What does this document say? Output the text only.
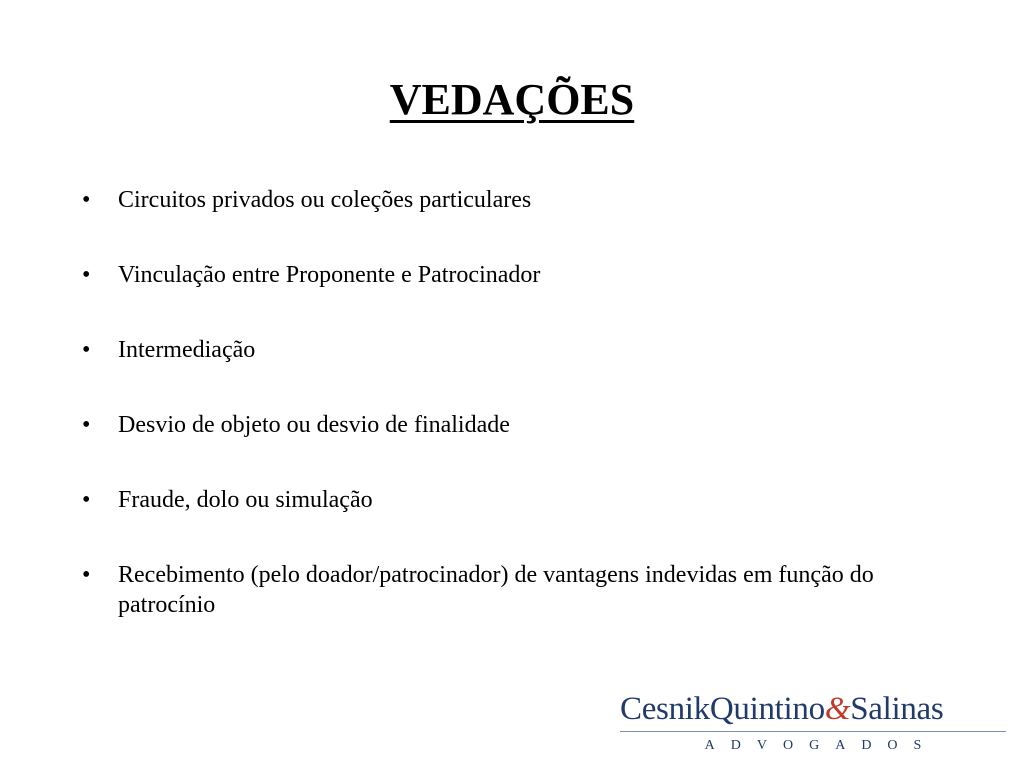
VEDAÇÕES
•	Circuitos privados ou coleções particulares
•	Vinculação entre Proponente e Patrocinador
•	Intermediação
•	Desvio de objeto ou desvio de finalidade
•	Fraude, dolo ou simulação
•	Recebimento (pelo doador/patrocinador) de vantagens indevidas em função do patrocínio
CesnikQuintino&Salinas
ADVOGADOS
